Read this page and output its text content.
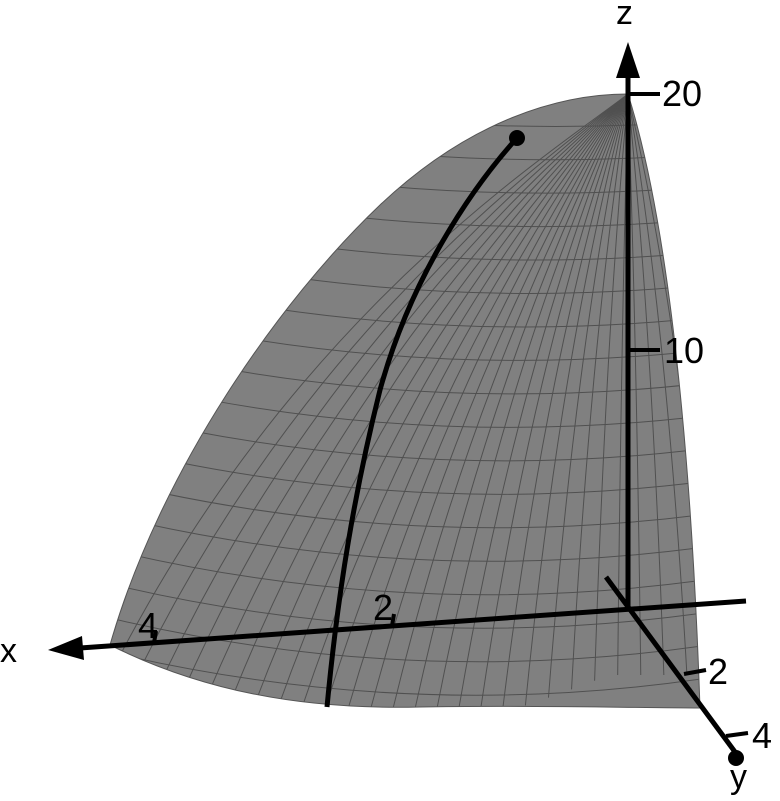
z
20
10
x
4	2
2
4
y
